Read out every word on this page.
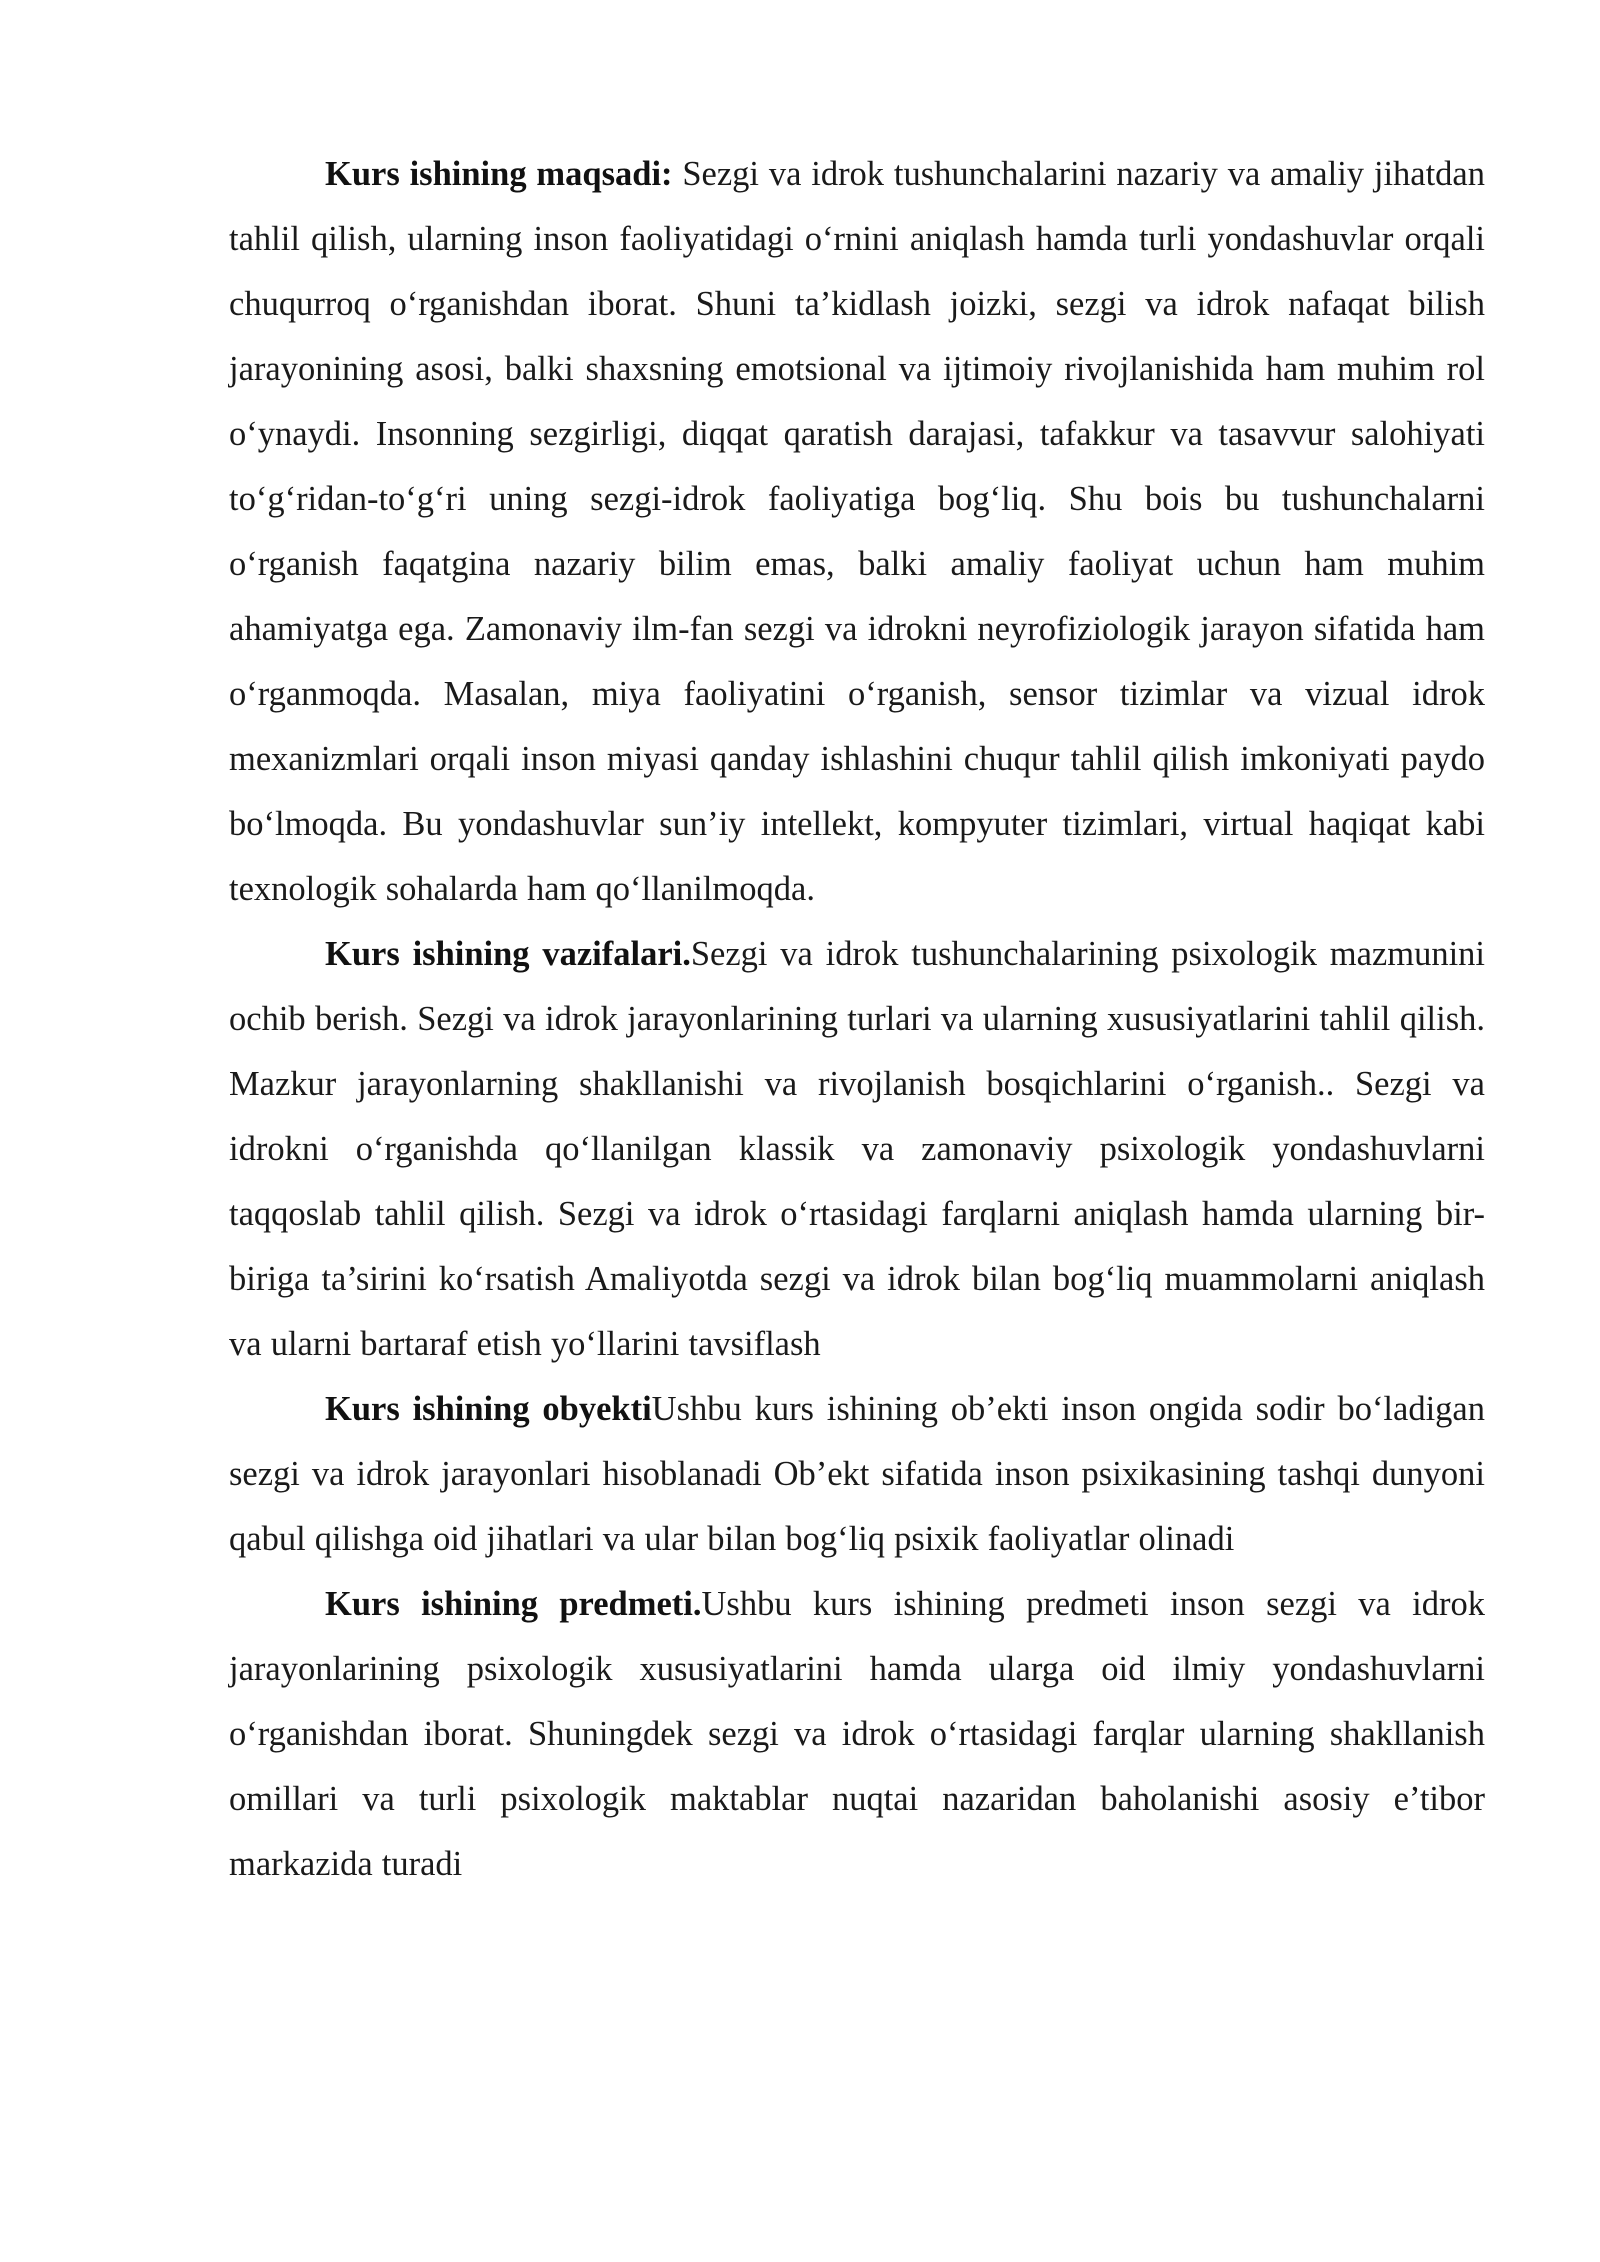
Kurs ishining maqsadi: Sezgi va idrok tushunchalarini nazariy va amaliy jihatdan tahlil qilish, ularning inson faoliyatidagi o‘rnini aniqlash hamda turli yondashuvlar orqali chuqurroq o‘rganishdan iborat. Shuni ta’kidlash joizki, sezgi va idrok nafaqat bilish jarayonining asosi, balki shaxsning emotsional va ijtimoiy rivojlanishida ham muhim rol o‘ynaydi. Insonning sezgirligi, diqqat qaratish darajasi, tafakkur va tasavvur salohiyati to‘g‘ridan-to‘g‘ri uning sezgi-idrok faoliyatiga bog‘liq. Shu bois bu tushunchalarni o‘rganish faqatgina nazariy bilim emas, balki amaliy faoliyat uchun ham muhim ahamiyatga ega. Zamonaviy ilm-fan sezgi va idrokni neyrofiziologik jarayon sifatida ham o‘rganmoqda. Masalan, miya faoliyatini o‘rganish, sensor tizimlar va vizual idrok mexanizmlari orqali inson miyasi qanday ishlashini chuqur tahlil qilish imkoniyati paydo bo‘lmoqda. Bu yondashuvlar sun’iy intellekt, kompyuter tizimlari, virtual haqiqat kabi texnologik sohalarda ham qo‘llanilmoqda.

Kurs ishining vazifalari.Sezgi va idrok tushunchalarining psixologik mazmunini ochib berish. Sezgi va idrok jarayonlarining turlari va ularning xususiyatlarini tahlil qilish. Mazkur jarayonlarning shakllanishi va rivojlanish bosqichlarini o‘rganish.. Sezgi va idrokni o‘rganishda qo‘llanilgan klassik va zamonaviy psixologik yondashuvlarni taqqoslab tahlil qilish. Sezgi va idrok o‘rtasidagi farqlarni aniqlash hamda ularning bir-biriga ta’sirini ko‘rsatish Amaliyotda sezgi va idrok bilan bog‘liq muammolarni aniqlash va ularni bartaraf etish yo‘llarini tavsiflash

Kurs ishining obyektiUshbu kurs ishining ob’ekti inson ongida sodir bo‘ladigan sezgi va idrok jarayonlari hisoblanadi Ob’ekt sifatida inson psixikasining tashqi dunyoni qabul qilishga oid jihatlari va ular bilan bog‘liq psixik faoliyatlar olinadi

Kurs ishining predmeti.Ushbu kurs ishining predmeti inson sezgi va idrok jarayonlarining psixologik xususiyatlarini hamda ularga oid ilmiy yondashuvlarni o‘rganishdan iborat. Shuningdek sezgi va idrok o‘rtasidagi farqlar ularning shakllanish omillari va turli psixologik maktablar nuqtai nazaridan baholanishi asosiy e’tibor markazida turadi
